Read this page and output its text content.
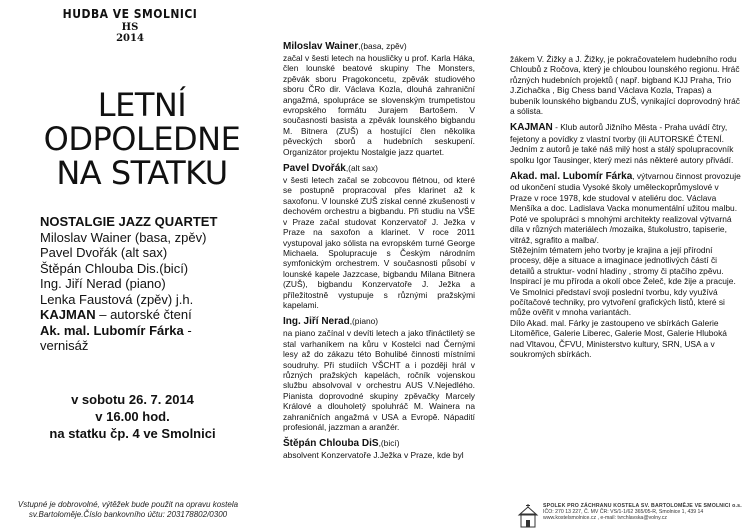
HUDBA VE SMOLNICI
HS
2014
LETNÍ
ODPOLEDNE
NA STATKU
NOSTALGIE JAZZ QUARTET
Miloslav Wainer (basa, zpěv)
Pavel Dvořák (alt sax)
Štěpán Chlouba Dis.(bicí)
Ing. Jiří Nerad (piano)
Lenka Faustová (zpěv) j.h.
KAJMAN – autorské čtení
Ak. mal. Lubomír Fárka -
vernisáž
v sobotu 26. 7. 2014
v 16.00 hod.
na statku čp. 4 ve Smolnici
Vstupné je dobrovolné, výtěžek bude použit na opravu kostela
sv.Bartoloměje.Číslo bankovního účtu: 203178802/0300
Miloslav Wainer,(basa, zpěv)

začal v šesti letech na housličky u prof. Karla Háka, člen lounské beatové skupiny The Monsters, zpěvák sboru Pragokoncetu, zpěvák studiového sboru ČRo dir. Václava Kozla, dlouhá zahraniční angažmá, spolupráce se slovenským trumpetistou evropského formátu Jurajem Bartošem. V současnosti basista a zpěvák lounského bigbandu M. Bitnera (ZUŠ) a hostující člen několika pěveckých sborů a hudebních seskupení. Organizátor projektu Nostalgie jazz quartet.

Pavel Dvořák,(alt sax)

v šesti letech začal se zobcovou flétnou, od které se postupně propracoval přes klarinet až k saxofonu. V lounské ZUŠ získal cenné zkušenosti v dechovém orchestru a bigbandu. Při studiu na VŠE v Praze začal studovat Konzervatoř J. Ježka v Praze na saxofon a klarinet. V roce 2011 vystupoval jako sólista na evropském turné George Michaela. Spolupracuje s Českým národním symfonickým orchestrem. V současnosti působí v lounské kapele Jazzcase, bigbandu Milana Bitnera (ZUŠ), bigbandu Konzervatoře J. Ježka a příležitostně vystupuje s různými pražskými kapelami.

Ing. Jiří Nerad,(piano)

na piano začínal v devíti letech a jako třináctiletý se stal varhaníkem na kůru v Kostelci nad Černými lesy až do zákazu této Bohulibé činnosti místními soudruhy. Při studiích VŠCHT a i později hrál v různých pražských kapelách, ročník vojenskou službu absolvoval v orchestru AUS V.Nejedlého. Pianista doprovodné skupiny zpěvačky Marcely Králové a dlouholetý spoluhráč M. Wainera na zahraničních angažmá v USA a Evropě. Nápadití profesionál, jazzman a aranžér.

Štěpán Chlouba DiS,(bicí)

absolvent Konzervatoře J.Ježka v Praze, kde byl

žákem V. Žižky a J. Žižky, je pokračovatelem hudebního rodu Chloubů z Ročova, který je chloubou lounského regionu. Hráč různých hudebních projektů ( např. bigband KJJ Praha, Trio J.Zichačka , Big Chess band Václava Kozla, Trapas) a bubeník lounského bigbandu ZUŠ, vynikající doprovodný hráč a sólista.

KAJMAN - Klub autorů Jižního Města - Praha uvádí čtry, fejetony a povídky z vlastní tvorby (ili AUTORSKÉ ČTENÍ. Jedním z autorů je také náš milý host a stálý spolupracovník spolku Igor Tausinger, který mezi nás některé autory přivádí.

Akad. mal. Lubomír Fárka, výtvarnou činnost provozuje od ukončení studia Vysoké školy uměleckoprůmyslové v Praze v roce 1978, kde studoval v ateliéru doc. Václava Menšíka a doc. Ladislava Vacka monumentální užitou malbu. Poté ve spolupráci s mnohými architekty realizoval výtvarná díla v různých materiálech /mozaika, štukolustro, tapiserie, vitráž, sgrafito a malba/.

Stěžejním tématem jeho tvorby je krajina a její přírodní procesy, děje a situace a imaginace jednotlivých částí či detailů a struktur- vodní hladiny , stromy či ptačího zpěvu. Inspirací je mu příroda a okolí obce Želeč, kde žije a pracuje. Ve Smolnici představí svoji poslední tvorbu, kdy využívá počítačové techniky, pro vytvoření grafických listů, které si může ověřit v mnoha variantách.

Dílo Akad. mal. Fárky je zastoupeno ve sbírkách Galerie Litoměřice, Galerie Liberec, Galerie Most, Galerie Hluboká nad Vltavou, ČFVU, Ministerstvo kultury, SRN, USA a v soukromých sbírkách.

SPOLEK PRO ZÁCHRANU KOSTELA SV. BARTOLOMĚJE VE SMOLNICI o.s.
IČO: 270 13 227, Č. MV ČR: VS/1-1/62 365/05-R, Smolnice 1, 439 14
www.kostelsmolnice.cz , e-mail: tvrchlavska@volny.cz
